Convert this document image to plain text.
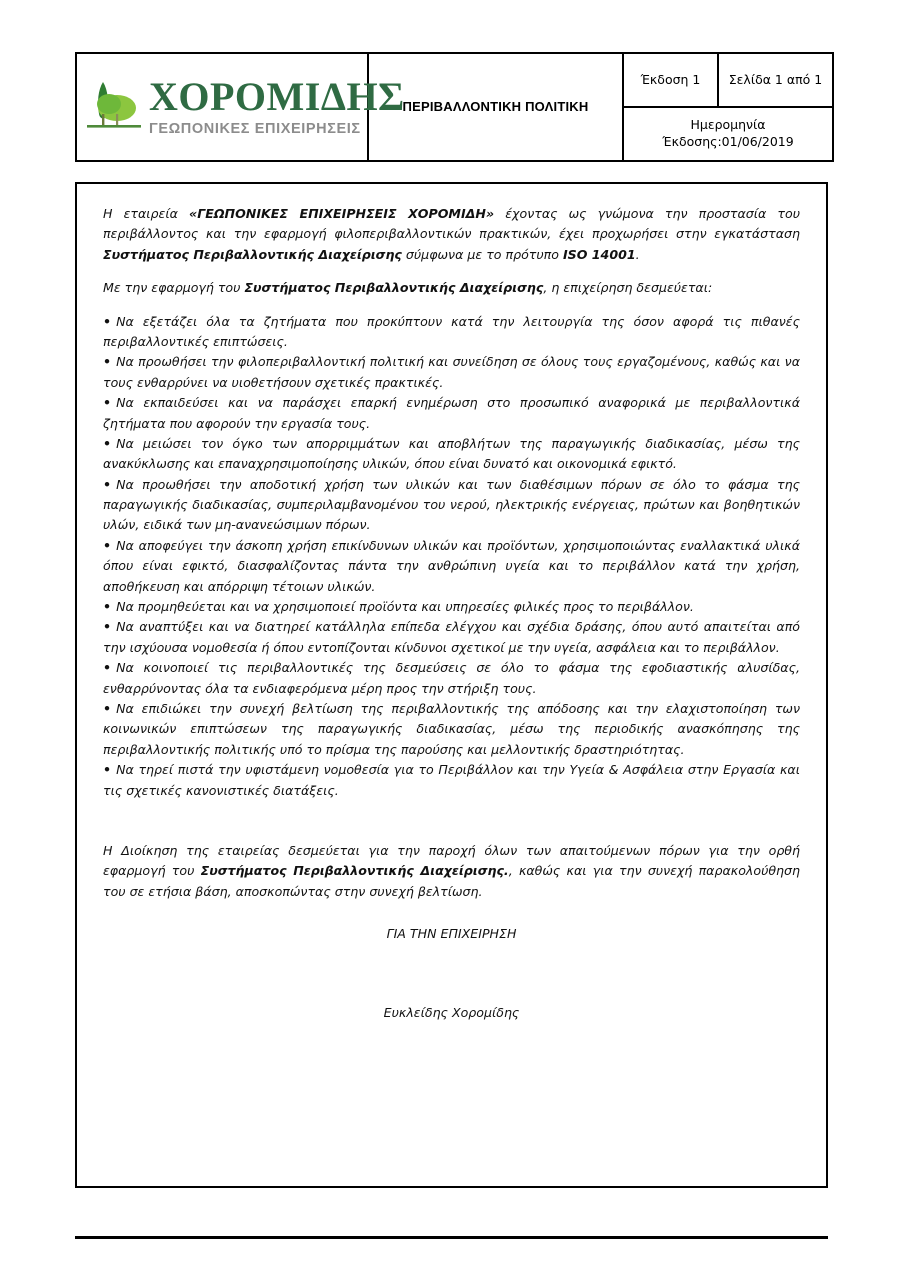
ΧΟΡΟΜΙΔΗΣ
ΓΕΩΠΟΝΙΚΕΣ ΕΠΙΧΕΙΡΗΣΕΙΣ
	ΠΕΡΙΒΑΛΛΟΝΤΙΚΗ ΠΟΛΙΤΙΚΗ	Έκδοση 1	Σελίδα 1 από 1

Ημερομηνία
Έκδοσης:01/06/2019

Η εταιρεία «ΓΕΩΠΟΝΙΚΕΣ ΕΠΙΧΕΙΡΗΣΕΙΣ ΧΟΡΟΜΙΔΗ» έχοντας ως γνώμονα την προστασία του περιβάλλοντος και την εφαρμογή φιλοπεριβαλλοντικών πρακτικών, έχει προχωρήσει στην εγκατάσταση Συστήματος Περιβαλλοντικής Διαχείρισης σύμφωνα με το πρότυπο ISO 14001.

Με την εφαρμογή του Συστήματος Περιβαλλοντικής Διαχείρισης, η επιχείρηση δεσμεύεται:

• Να εξετάζει όλα τα ζητήματα που προκύπτουν κατά την λειτουργία της όσον αφορά τις πιθανές περιβαλλοντικές επιπτώσεις.
• Να προωθήσει την φιλοπεριβαλλοντική πολιτική και συνείδηση σε όλους τους εργαζομένους, καθώς και να τους ενθαρρύνει να υιοθετήσουν σχετικές πρακτικές.
• Να εκπαιδεύσει και να παράσχει επαρκή ενημέρωση στο προσωπικό αναφορικά με περιβαλλοντικά ζητήματα που αφορούν την εργασία τους.
• Να μειώσει τον όγκο των απορριμμάτων και αποβλήτων της παραγωγικής διαδικασίας, μέσω της ανακύκλωσης και επαναχρησιμοποίησης υλικών, όπου είναι δυνατό και οικονομικά εφικτό.
• Να προωθήσει την αποδοτική χρήση των υλικών και των διαθέσιμων πόρων σε όλο το φάσμα της παραγωγικής διαδικασίας, συμπεριλαμβανομένου του νερού, ηλεκτρικής ενέργειας, πρώτων και βοηθητικών υλών, ειδικά των μη-ανανεώσιμων πόρων.
• Να αποφεύγει την άσκοπη χρήση επικίνδυνων υλικών και προϊόντων, χρησιμοποιώντας εναλλακτικά υλικά όπου είναι εφικτό, διασφαλίζοντας πάντα την ανθρώπινη υγεία και το περιβάλλον κατά την χρήση, αποθήκευση και απόρριψη τέτοιων υλικών.
• Να προμηθεύεται και να χρησιμοποιεί προϊόντα και υπηρεσίες φιλικές προς το περιβάλλον.
• Να αναπτύξει και να διατηρεί κατάλληλα επίπεδα ελέγχου και σχέδια δράσης, όπου αυτό απαιτείται από την ισχύουσα νομοθεσία ή όπου εντοπίζονται κίνδυνοι σχετικοί με την υγεία, ασφάλεια και το περιβάλλον.
• Να κοινοποιεί τις περιβαλλοντικές της δεσμεύσεις σε όλο το φάσμα της εφοδιαστικής αλυσίδας, ενθαρρύνοντας όλα τα ενδιαφερόμενα μέρη προς την στήριξη τους.
• Να επιδιώκει την συνεχή βελτίωση της περιβαλλοντικής της απόδοσης και την ελαχιστοποίηση των κοινωνικών επιπτώσεων της παραγωγικής διαδικασίας, μέσω της περιοδικής ανασκόπησης της περιβαλλοντικής πολιτικής υπό το πρίσμα της παρούσης και μελλοντικής δραστηριότητας.
• Να τηρεί πιστά την υφιστάμενη νομοθεσία για το Περιβάλλον και την Υγεία & Ασφάλεια στην Εργασία και τις σχετικές κανονιστικές διατάξεις.

Η Διοίκηση της εταιρείας δεσμεύεται για την παροχή όλων των απαιτούμενων πόρων για την ορθή εφαρμογή του Συστήματος Περιβαλλοντικής Διαχείρισης., καθώς και για την συνεχή παρακολούθηση του σε ετήσια βάση, αποσκοπώντας στην συνεχή βελτίωση.

ΓΙΑ ΤΗΝ ΕΠΙΧΕΙΡΗΣΗ

Ευκλείδης Χορομίδης
